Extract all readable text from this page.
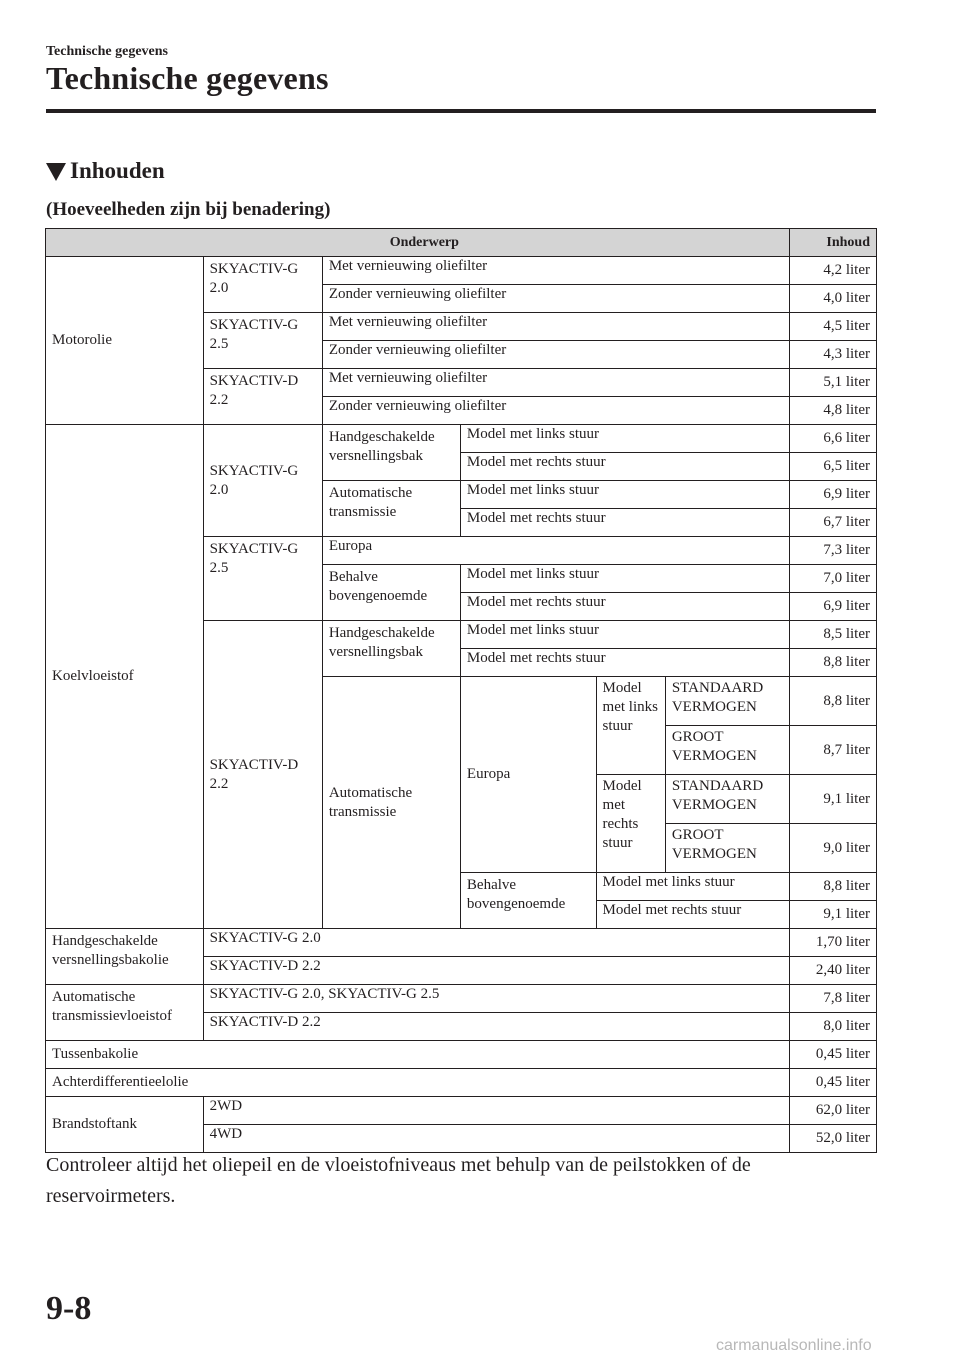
Technische gegevens
Technische gegevens
Inhouden
(Hoeveelheden zijn bij benadering)
Onderwerp						Inhoud
Motorolie	SKYACTIV-G 2.0	Met vernieuwing oliefilter				4,2 liter
		Zonder vernieuwing oliefilter				4,0 liter
	SKYACTIV-G 2.5	Met vernieuwing oliefilter				4,5 liter
		Zonder vernieuwing oliefilter				4,3 liter
	SKYACTIV-D 2.2	Met vernieuwing oliefilter				5,1 liter
		Zonder vernieuwing oliefilter				4,8 liter
Koelvloeistof	SKYACTIV-G 2.0	Handgeschakelde versnellingsbak	Model met links stuur			6,6 liter
			Model met rechts stuur			6,5 liter
		Automatische transmissie	Model met links stuur			6,9 liter
			Model met rechts stuur			6,7 liter
	SKYACTIV-G 2.5	Europa				7,3 liter
		Behalve bovengenoemde	Model met links stuur			7,0 liter
			Model met rechts stuur			6,9 liter
	SKYACTIV-D 2.2	Handgeschakelde versnellingsbak	Model met links stuur			8,5 liter
			Model met rechts stuur			8,8 liter
		Automatische transmissie	Europa	Model met links stuur	STANDAARD VERMOGEN	8,8 liter

					GROOT VERMOGEN	8,7 liter
				Model met rechts stuur	STANDAARD VERMOGEN	9,1 liter

					GROOT VERMOGEN	9,0 liter

			Behalve bovengenoemde	Model met links stuur		8,8 liter
				Model met rechts stuur		9,1 liter
Handgeschakelde versnellingsbakolie	SKYACTIV-G 2.0					1,70 liter
	SKYACTIV-D 2.2					2,40 liter
Automatische transmissievloeistof	SKYACTIV-G 2.0, SKYACTIV-G 2.5					7,8 liter
	SKYACTIV-D 2.2					8,0 liter
Tussenbakolie						0,45 liter
Achterdifferentieelolie						0,45 liter
Brandstoftank	2WD					62,0 liter
	4WD					52,0 liter
Controleer altijd het oliepeil en de vloeistofniveaus met behulp van de peilstokken of de reservoirmeters.
9-8
carmanualsonline.info
